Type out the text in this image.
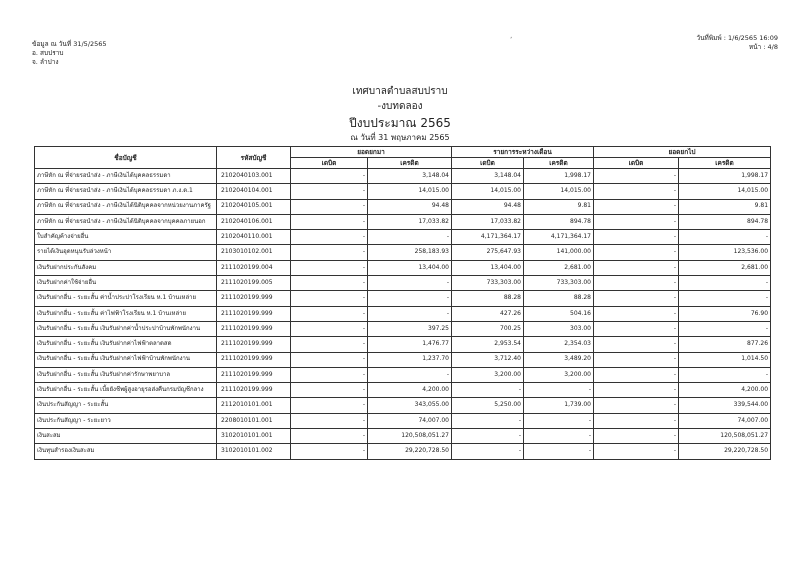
ข้อมูล ณ วันที่ 31/5/2565
อ. สบปราบ
จ. ลำปาง
ʼ	วันที่พิมพ์ : 1/6/2565 16:09
หน้า : 4/8
เทศบาลตำบลสบปราบ
-งบทดลอง
ปีงบประมาณ 2565
ณ วันที่ 31 พฤษภาคม 2565
ชื่อบัญชี	รหัสบัญชี	ยอดยกมา		รายการระหว่างเดือน		ยอดยกไป	
		เดบิต	เครดิต	เดบิต	เครดิต	เดบิต	เครดิต
ภาษีหัก ณ ที่จ่ายรอนำส่ง - ภาษีเงินได้บุคคลธรรมดา	2102040103.001	-	3,148.04	3,148.04	1,998.17	-	1,998.17
ภาษีหัก ณ ที่จ่ายรอนำส่ง - ภาษีเงินได้บุคคลธรรมดา ภ.ง.ด.1	2102040104.001	-	14,015.00	14,015.00	14,015.00	-	14,015.00
ภาษีหัก ณ ที่จ่ายรอนำส่ง - ภาษีเงินได้นิติบุคคลจากหน่วยงานภาครัฐ	2102040105.001	-	94.48	94.48	9.81	-	9.81
ภาษีหัก ณ ที่จ่ายรอนำส่ง - ภาษีเงินได้นิติบุคคลจากบุคคลภายนอก	2102040106.001	-	17,033.82	17,033.82	894.78	-	894.78
ใบสำคัญค้างจ่ายอื่น	2102040110.001	-	-	4,171,364.17	4,171,364.17	-	-
รายได้เงินอุดหนุนรับล่วงหน้า	2103010102.001	-	258,183.93	275,647.93	141,000.00	-	123,536.00
เงินรับฝากประกันสังคม	2111020199.004	-	13,404.00	13,404.00	2,681.00	-	2,681.00
เงินรับฝากค่าใช้จ่ายอื่น	2111020199.005	-	-	733,303.00	733,303.00	-	-
เงินรับฝากอื่น - ระยะสั้น ค่าน้ำประปาโรงเรียน ห.1 บ้านเหล่าย	2111020199.999	-	-	88.28	88.28	-	-
เงินรับฝากอื่น - ระยะสั้น ค่าไฟฟ้าโรงเรียน ห.1 บ้านเหล่าย	2111020199.999	-	-	427.26	504.16	-	76.90
เงินรับฝากอื่น - ระยะสั้น เงินรับฝากค่าน้ำประปาบ้านพักพนักงาน	2111020199.999	-	397.25	700.25	303.00	-	-
เงินรับฝากอื่น - ระยะสั้น เงินรับฝากค่าไฟฟ้าตลาดสด	2111020199.999	-	1,476.77	2,953.54	2,354.03	-	877.26
เงินรับฝากอื่น - ระยะสั้น เงินรับฝากค่าไฟฟ้าบ้านพักพนักงาน	2111020199.999	-	1,237.70	3,712.40	3,489.20	-	1,014.50
เงินรับฝากอื่น - ระยะสั้น เงินรับฝากค่ารักษาพยาบาล	2111020199.999	-	-	3,200.00	3,200.00	-	-
เงินรับฝากอื่น - ระยะสั้น เบี้ยยังชีพผู้สูงอายุรอส่งคืนกรมบัญชีกลาง	2111020199.999	-	4,200.00	-	-	-	4,200.00
เงินประกันสัญญา - ระยะสั้น	2112010101.001	-	343,055.00	5,250.00	1,739.00	-	339,544.00
เงินประกันสัญญา - ระยะยาว	2208010101.001	-	74,007.00	-	-	-	74,007.00
เงินสะสม	3102010101.001	-	120,508,051.27	-	-	-	120,508,051.27
เงินทุนสำรองเงินสะสม	3102010101.002	-	29,220,728.50	-	-	-	29,220,728.50
